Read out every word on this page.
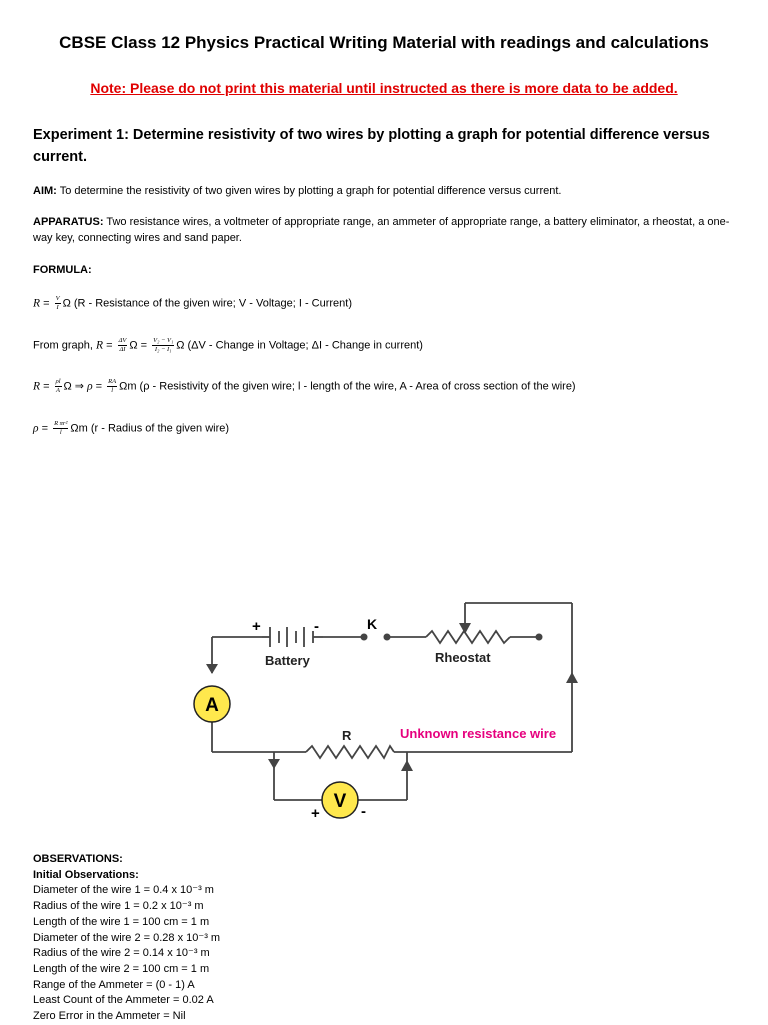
CBSE Class 12 Physics Practical Writing Material with readings and calculations
Note: Please do not print this material until instructed as there is more data to be added.
Experiment 1: Determine resistivity of two wires by plotting a graph for potential difference versus current.
AIM: To determine the resistivity of two given wires by plotting a graph for potential difference versus current.
APPARATUS: Two resistance wires, a voltmeter of appropriate range, an ammeter of appropriate range, a battery eliminator, a rheostat, a one-way key, connecting wires and sand paper.
FORMULA:
$R = \frac{V}{I}$ Ω (R - Resistance of the given wire; V - Voltage; I - Current)
From graph, $R = \frac{\Delta V}{\Delta I}$ $\Omega = \frac{\text{V₂ − V₁}}{\text{I₂ − I₁}}$ Ω (ΔV - Change in Voltage; ΔI - Change in current)
$R = \frac{\rho l}{A}$ Ω ⇒ $\rho = \frac{RA}{l}$ Ωm (ρ - Resistivity of the given wire; l - length of the wire, A - Area of cross section of the wire)
$\rho = \frac{\text{R πr²}}{l}$ Ωm (r - Radius of the given wire)
+	-
Battery
K
Rheostat
A
R	Unknown resistance wire
V
+	-
OBSERVATIONS:
Initial Observations:
Diameter of the wire 1 = 0.4 x 10⁻³ m
Radius of the wire 1 = 0.2 x 10⁻³ m
Length of the wire 1 = 100 cm = 1 m
Diameter of the wire 2 = 0.28 x 10⁻³ m
Radius of the wire 2 = 0.14 x 10⁻³ m
Length of the wire 2 = 100 cm = 1 m
Range of the Ammeter = (0 - 1) A
Least Count of the Ammeter = 0.02 A
Zero Error in the Ammeter = Nil
